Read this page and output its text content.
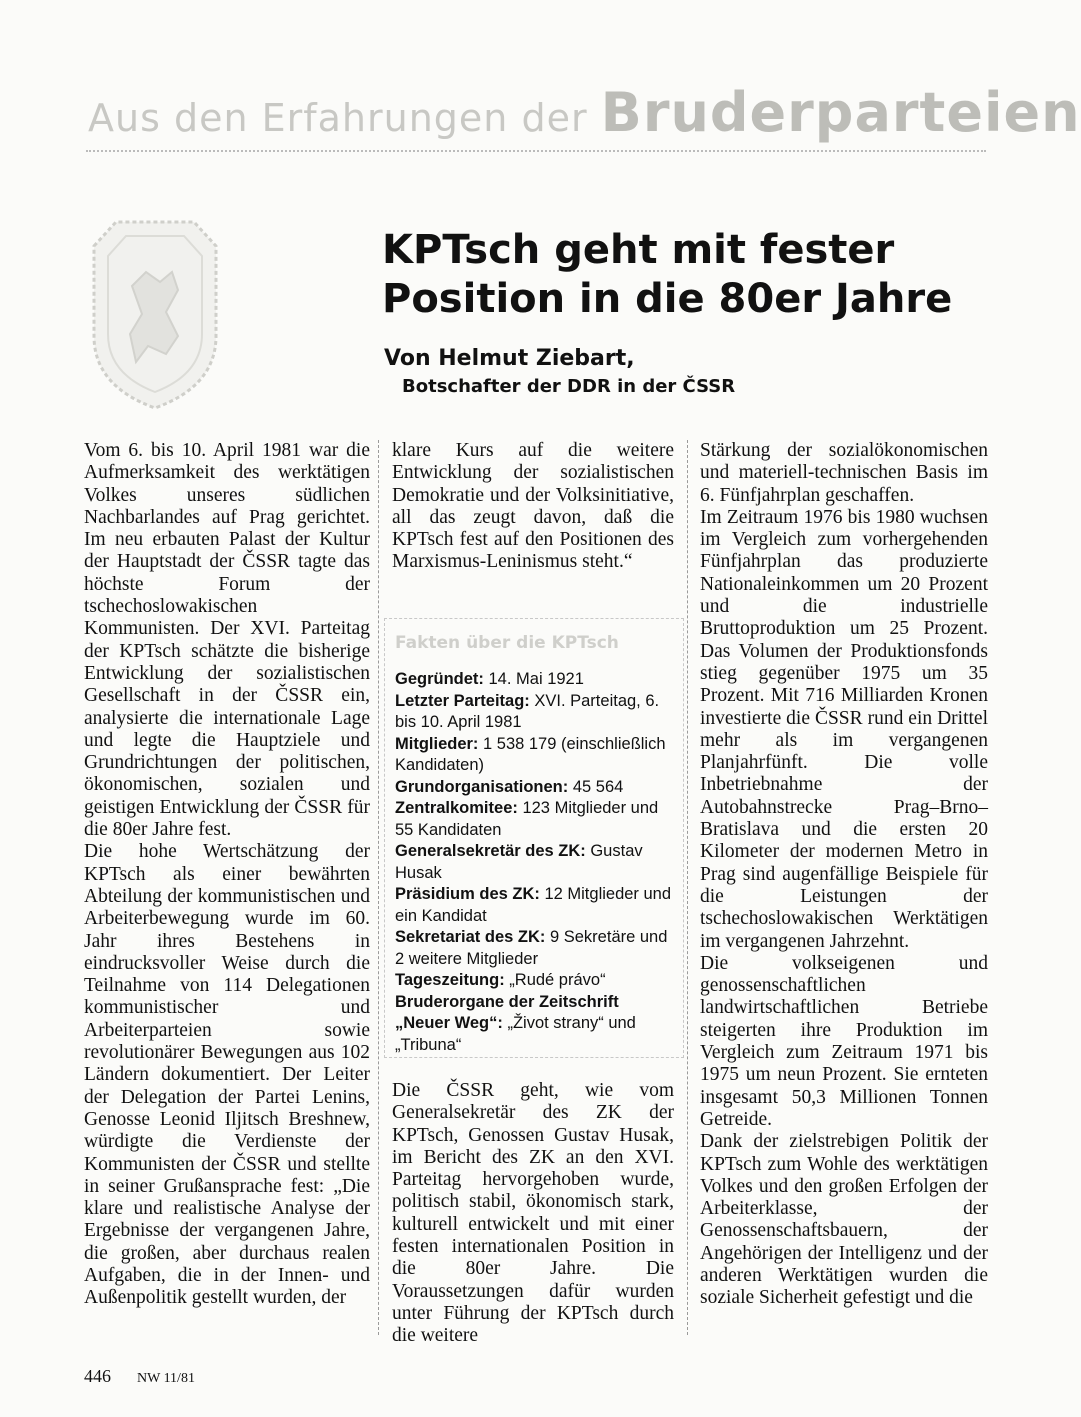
Aus den Erfahrungen der Bruderparteien
KPTsch geht mit fester
Position in die 80er Jahre
Von Helmut Ziebart,
Botschafter der DDR in der ČSSR

Vom 6. bis 10. April 1981 war die Aufmerksamkeit des werktätigen Volkes unseres südlichen Nachbarlandes auf Prag gerichtet. Im neu erbauten Palast der Kultur der Hauptstadt der ČSSR tagte das höchste Forum der tschechoslowakischen Kommunisten. Der XVI. Parteitag der KPTsch schätzte die bisherige Entwicklung der sozialistischen Gesellschaft in der ČSSR ein, analysierte die internationale Lage und legte die Hauptziele und Grundrichtungen der politischen, ökonomischen, sozialen und geistigen Entwicklung der ČSSR für die 80er Jahre fest.

Die hohe Wertschätzung der KPTsch als einer bewährten Abteilung der kommunistischen und Arbeiterbewegung wurde im 60. Jahr ihres Bestehens in eindrucksvoller Weise durch die Teilnahme von 114 Delegationen kommunistischer und Arbeiterparteien sowie revolutionärer Bewegungen aus 102 Ländern dokumentiert. Der Leiter der Delegation der Partei Lenins, Genosse Leonid Iljitsch Breshnew, würdigte die Verdienste der Kommunisten der ČSSR und stellte in seiner Grußansprache fest: „Die klare und realistische Analyse der Ergebnisse der vergangenen Jahre, die großen, aber durchaus realen Aufgaben, die in der Innen- und Außenpolitik gestellt wurden, der

klare Kurs auf die weitere Entwicklung der sozialistischen Demokratie und der Volksinitiative, all das zeugt davon, daß die KPTsch fest auf den Positionen des Marxismus-Leninismus steht.“

Fakten über die KPTsch

Gegründet: 14. Mai 1921

Letzter Parteitag: XVI. Parteitag, 6. bis 10. April 1981

Mitglieder: 1 538 179 (einschließlich Kandidaten)

Grundorganisationen: 45 564

Zentralkomitee: 123 Mitglieder und 55 Kandidaten

Generalsekretär des ZK: Gustav Husak

Präsidium des ZK: 12 Mitglieder und ein Kandidat

Sekretariat des ZK: 9 Sekretäre und 2 weitere Mitglieder

Tageszeitung: „Rudé právo“

Bruderorgane der Zeitschrift „Neuer Weg“: „Život strany“ und „Tribuna“

Die ČSSR geht, wie vom Generalsekretär des ZK der KPTsch, Genossen Gustav Husak, im Bericht des ZK an den XVI. Parteitag hervorgehoben wurde, politisch stabil, ökonomisch stark, kulturell entwickelt und mit einer festen internationalen Position in die 80er Jahre. Die Voraussetzungen dafür wurden unter Führung der KPTsch durch die weitere

Stärkung der sozialökonomischen und materiell-technischen Basis im 6. Fünfjahrplan geschaffen.

Im Zeitraum 1976 bis 1980 wuchsen im Vergleich zum vorhergehenden Fünfjahrplan das produzierte Nationaleinkommen um 20 Prozent und die industrielle Bruttoproduktion um 25 Prozent. Das Volumen der Produktionsfonds stieg gegenüber 1975 um 35 Prozent. Mit 716 Milliarden Kronen investierte die ČSSR rund ein Drittel mehr als im vergangenen Planjahrfünft. Die volle Inbetriebnahme der Autobahnstrecke Prag–Brno–Bratislava und die ersten 20 Kilometer der modernen Metro in Prag sind augenfällige Beispiele für die Leistungen der tschechoslowakischen Werktätigen im vergangenen Jahrzehnt.

Die volkseigenen und genossenschaftlichen landwirtschaftlichen Betriebe steigerten ihre Produktion im Vergleich zum Zeitraum 1971 bis 1975 um neun Prozent. Sie ernteten insgesamt 50,3 Millionen Tonnen Getreide.

Dank der zielstrebigen Politik der KPTsch zum Wohle des werktätigen Volkes und den großen Erfolgen der Arbeiterklasse, der Genossenschaftsbauern, der Angehörigen der Intelligenz und der anderen Werktätigen wurden die soziale Sicherheit gefestigt und die

446 NW 11/81
